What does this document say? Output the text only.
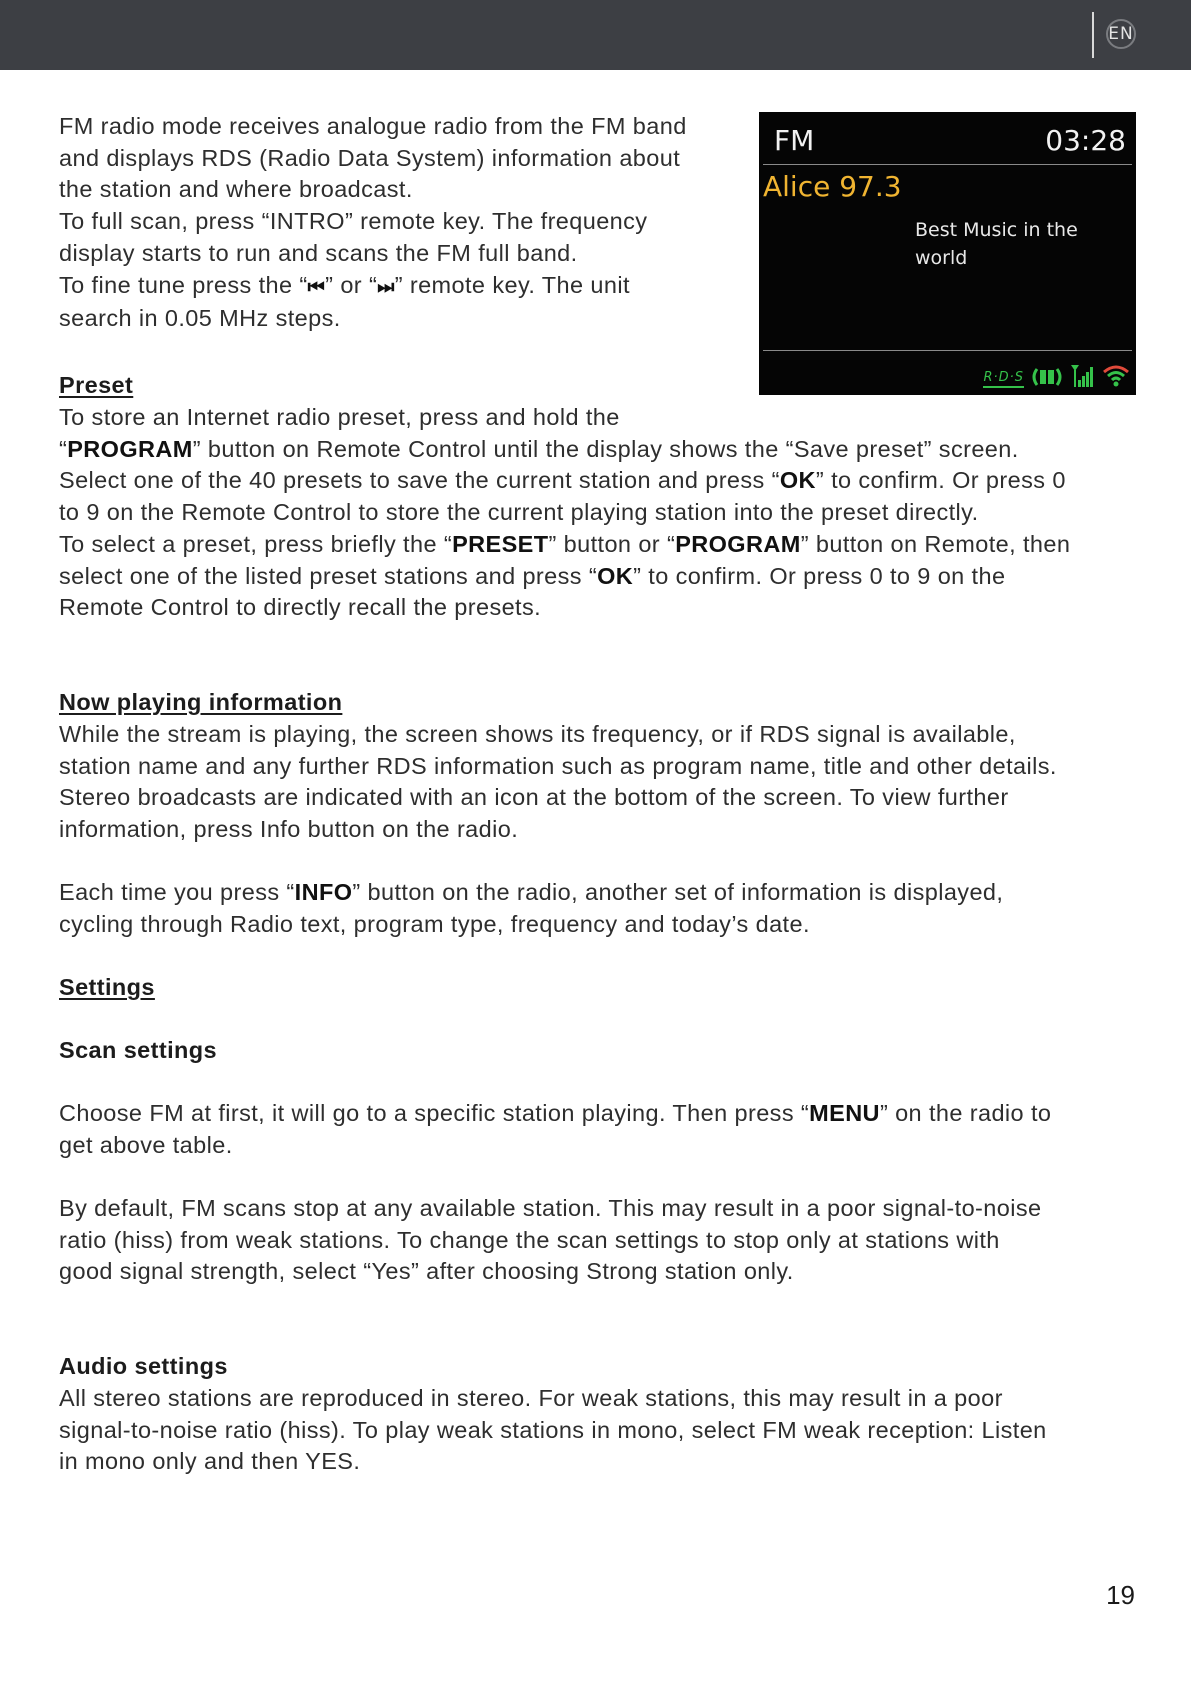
EN
FM radio mode receives analogue radio from the FM band
and displays RDS (Radio Data System) information about
the station and where broadcast.
To full scan, press “INTRO” remote key. The frequency
display starts to run and scans the FM full band.
To fine tune press the “⏮” or “⏭” remote key. The unit
search in 0.05 MHz steps.
FM	03:28
Alice 97.3
Best Music in the world
R·D·S
Preset
To store an Internet radio preset, press and hold the
“PROGRAM” button on Remote Control until the display shows the “Save preset” screen.
Select one of the 40 presets to save the current station and press “OK” to confirm. Or press 0
to 9 on the Remote Control to store the current playing station into the preset directly.
To select a preset, press briefly the “PRESET” button or “PROGRAM” button on Remote, then
select one of the listed preset stations and press “OK” to confirm. Or press 0 to 9 on the
Remote Control to directly recall the presets.
Now playing information
While the stream is playing, the screen shows its frequency, or if RDS signal is available,
station name and any further RDS information such as program name, title and other details.
Stereo broadcasts are indicated with an icon at the bottom of the screen. To view further
information, press Info button on the radio.
Each time you press “INFO” button on the radio, another set of information is displayed,
cycling through Radio text, program type, frequency and today’s date.
Settings
Scan settings
Choose FM at first, it will go to a specific station playing. Then press “MENU” on the radio to
get above table.
By default, FM scans stop at any available station. This may result in a poor signal-to-noise
ratio (hiss) from weak stations. To change the scan settings to stop only at stations with
good signal strength, select “Yes” after choosing Strong station only.
Audio settings
All stereo stations are reproduced in stereo. For weak stations, this may result in a poor
signal-to-noise ratio (hiss). To play weak stations in mono, select FM weak reception: Listen
in mono only and then YES.
19
